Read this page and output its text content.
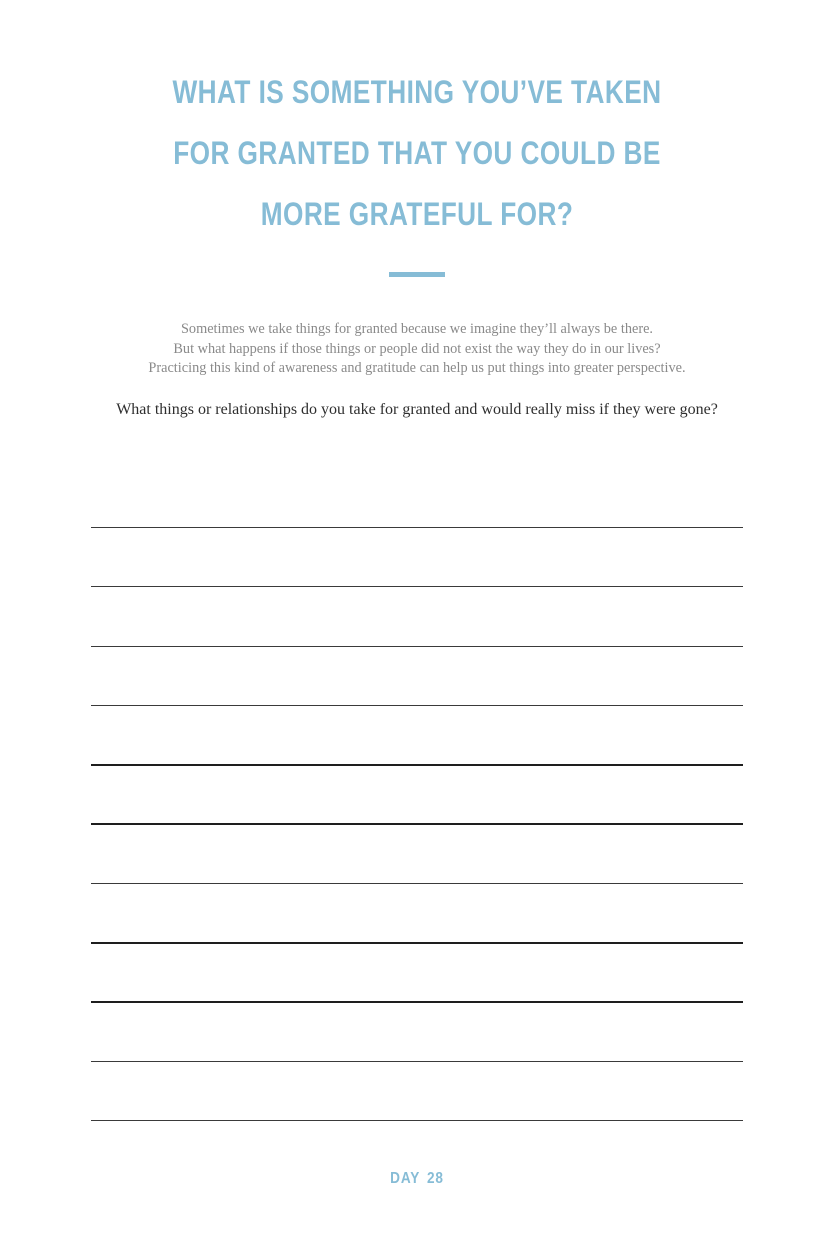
WHAT IS SOMETHING YOU’VE TAKEN
FOR GRANTED THAT YOU COULD BE
MORE GRATEFUL FOR?

Sometimes we take things for granted because we imagine they’ll always be there.

But what happens if those things or people did not exist the way they do in our lives?

Practicing this kind of awareness and gratitude can help us put things into greater perspective.

What things or relationships do you take for granted and would really miss if they were gone?

DAY 28
